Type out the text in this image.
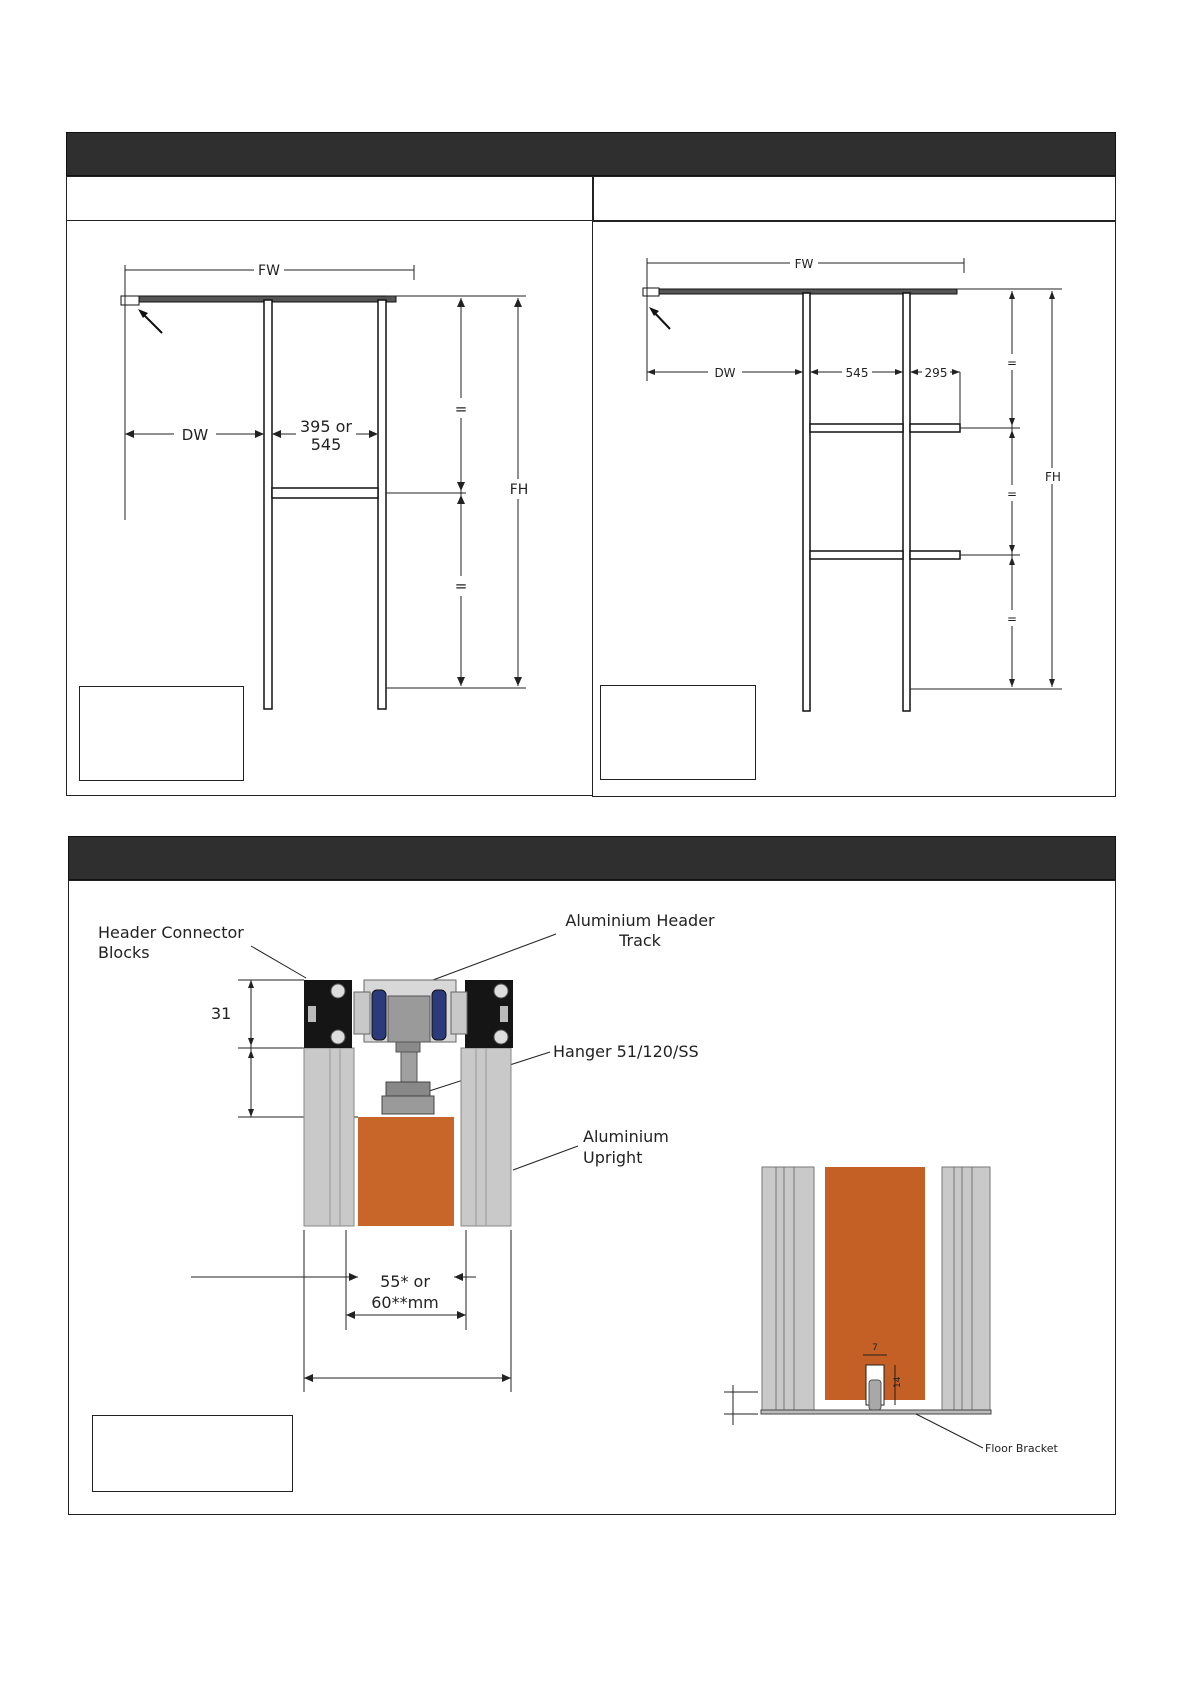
FW
DW	395 or
545
=
=
FH
FW
DW	545	295
=
=
=
FH
Header Connector
Blocks
Aluminium Header
Track
Hanger 51/120/SS
Aluminium
Upright
31
55* or
60**mm
7
14
Floor Bracket
